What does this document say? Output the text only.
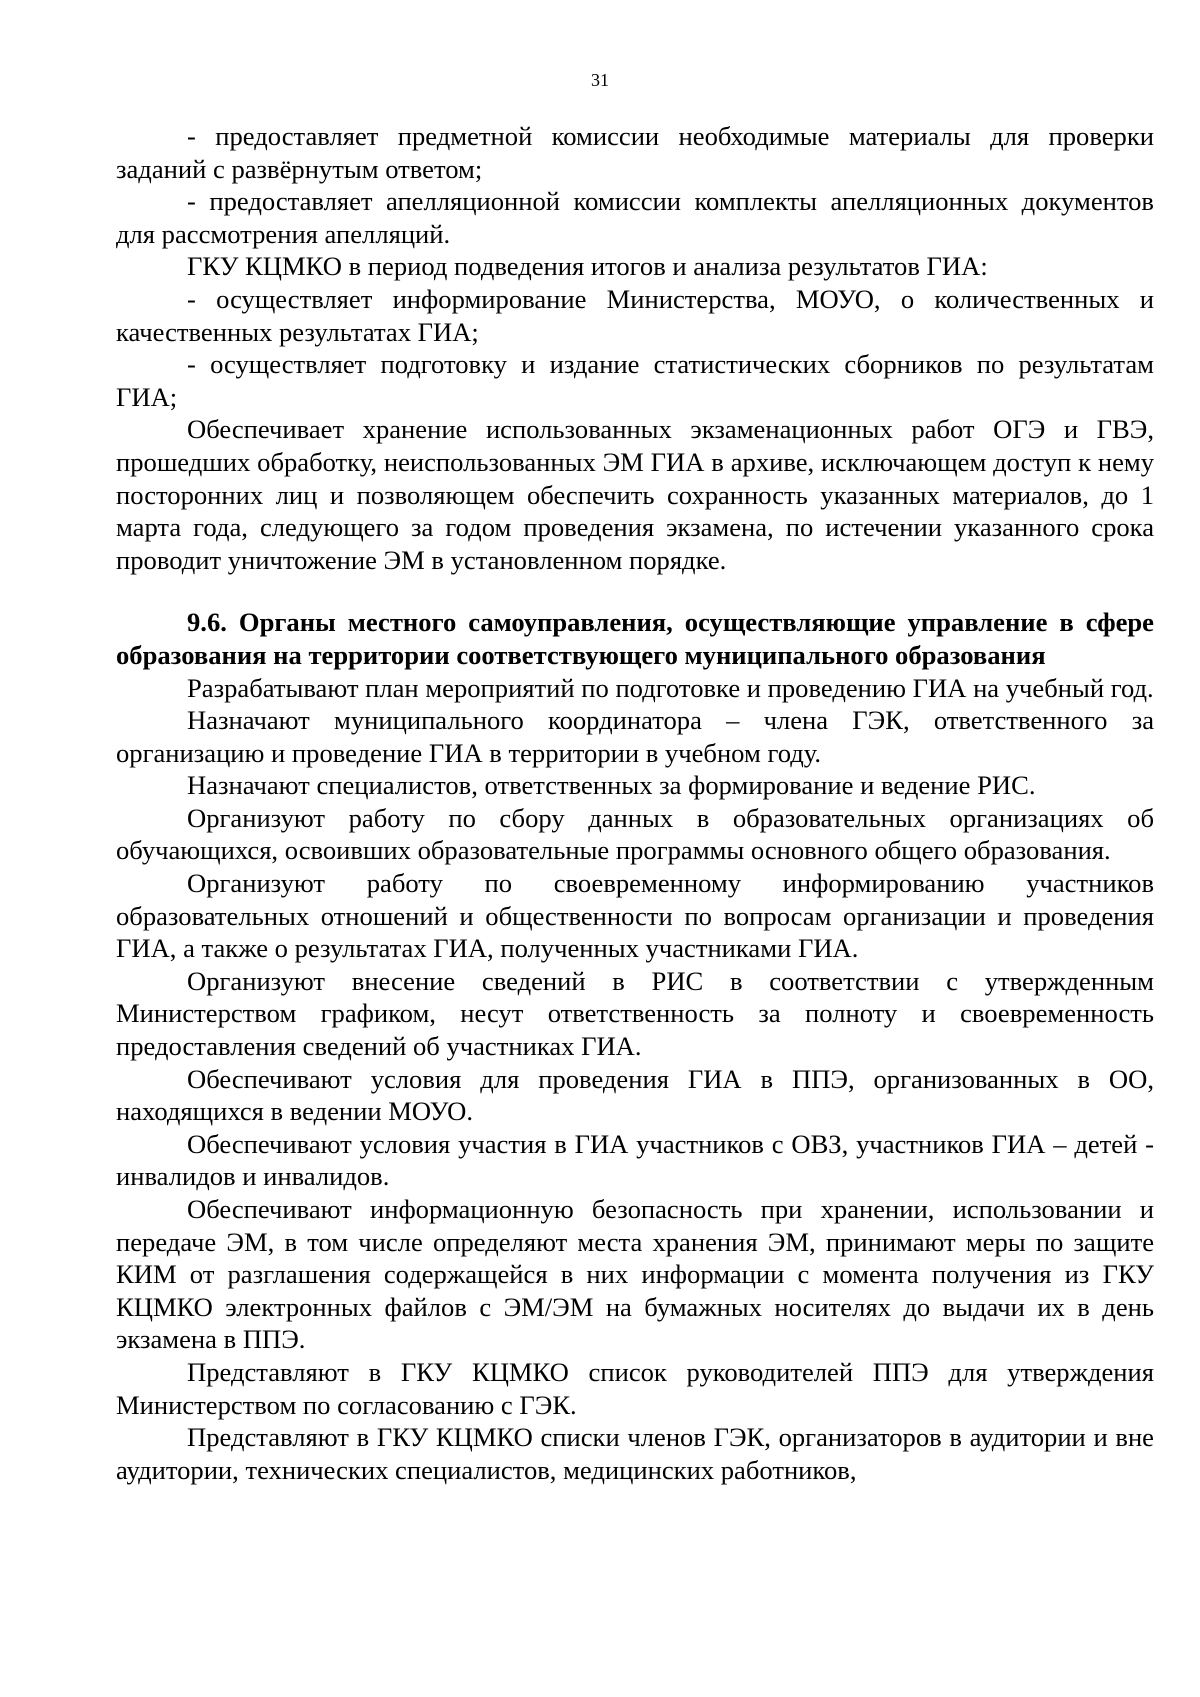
31

- предоставляет предметной комиссии необходимые материалы для проверки заданий с развёрнутым ответом;

- предоставляет апелляционной комиссии комплекты апелляционных документов для рассмотрения апелляций.

ГКУ КЦМКО в период подведения итогов и анализа результатов ГИА:

- осуществляет информирование Министерства, МОУО, о количественных и качественных результатах ГИА;

- осуществляет подготовку и издание статистических сборников по результатам ГИА;

Обеспечивает хранение использованных экзаменационных работ ОГЭ и ГВЭ, прошедших обработку, неиспользованных ЭМ ГИА в архиве, исключающем доступ к нему посторонних лиц и позволяющем обеспечить сохранность указанных материалов, до 1 марта года, следующего за годом проведения экзамена, по истечении указанного срока проводит уничтожение ЭМ в установленном порядке.

9.6. Органы местного самоуправления, осуществляющие управление в сфере образования на территории соответствующего муниципального образования

Разрабатывают план мероприятий по подготовке и проведению ГИА на учебный год.

Назначают муниципального координатора – члена ГЭК, ответственного за организацию и проведение ГИА в территории в учебном году.

Назначают специалистов, ответственных за формирование и ведение РИС.

Организуют работу по сбору данных в образовательных организациях об обучающихся, освоивших образовательные программы основного общего образования.

Организуют работу по своевременному информированию участников образовательных отношений и общественности по вопросам организации и проведения ГИА, а также о результатах ГИА, полученных участниками ГИА.

Организуют внесение сведений в РИС в соответствии с утвержденным Министерством графиком, несут ответственность за полноту и своевременность предоставления сведений об участниках ГИА.

Обеспечивают условия для проведения ГИА в ППЭ, организованных в ОО, находящихся в ведении МОУО.

Обеспечивают условия участия в ГИА участников с ОВЗ, участников ГИА – детей - инвалидов и инвалидов.

Обеспечивают информационную безопасность при хранении, использовании и передаче ЭМ, в том числе определяют места хранения ЭМ, принимают меры по защите КИМ от разглашения содержащейся в них информации с момента получения из ГКУ КЦМКО электронных файлов с ЭМ/ЭМ на бумажных носителях до выдачи их в день экзамена в ППЭ.

Представляют в ГКУ КЦМКО список руководителей ППЭ для утверждения Министерством по согласованию с ГЭК.

Представляют в ГКУ КЦМКО списки членов ГЭК, организаторов в аудитории и вне аудитории, технических специалистов, медицинских работников,
